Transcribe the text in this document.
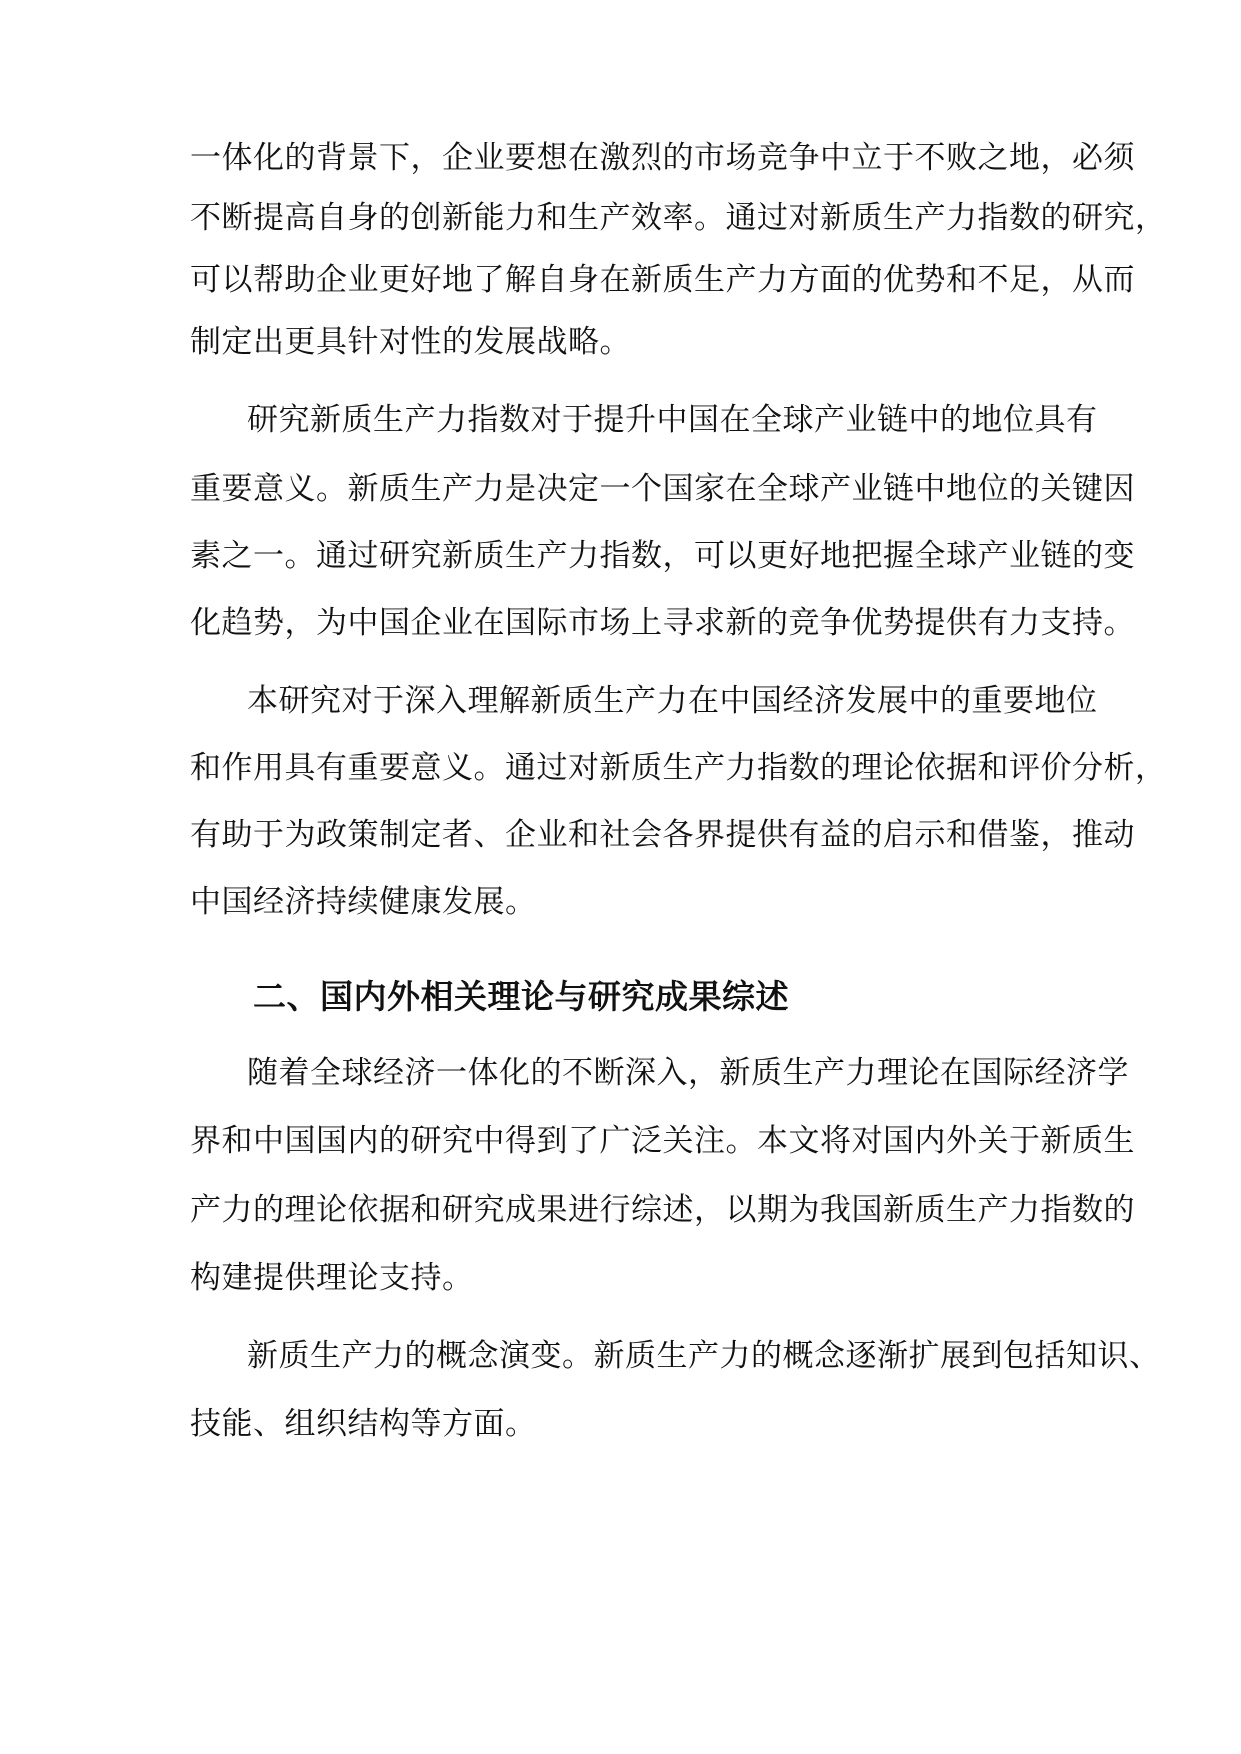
一体化的背景下，企业要想在激烈的市场竞争中立于不败之地，必须
不断提高自身的创新能力和生产效率。通过对新质生产力指数的研究，
可以帮助企业更好地了解自身在新质生产力方面的优势和不足，从而
制定出更具针对性的发展战略。
研究新质生产力指数对于提升中国在全球产业链中的地位具有
重要意义。新质生产力是决定一个国家在全球产业链中地位的关键因
素之一。通过研究新质生产力指数，可以更好地把握全球产业链的变
化趋势，为中国企业在国际市场上寻求新的竞争优势提供有力支持。
本研究对于深入理解新质生产力在中国经济发展中的重要地位
和作用具有重要意义。通过对新质生产力指数的理论依据和评价分析，
有助于为政策制定者、企业和社会各界提供有益的启示和借鉴，推动
中国经济持续健康发展。
二、国内外相关理论与研究成果综述
随着全球经济一体化的不断深入，新质生产力理论在国际经济学
界和中国国内的研究中得到了广泛关注。本文将对国内外关于新质生
产力的理论依据和研究成果进行综述，以期为我国新质生产力指数的
构建提供理论支持。
新质生产力的概念演变。新质生产力的概念逐渐扩展到包括知识、
技能、组织结构等方面。
